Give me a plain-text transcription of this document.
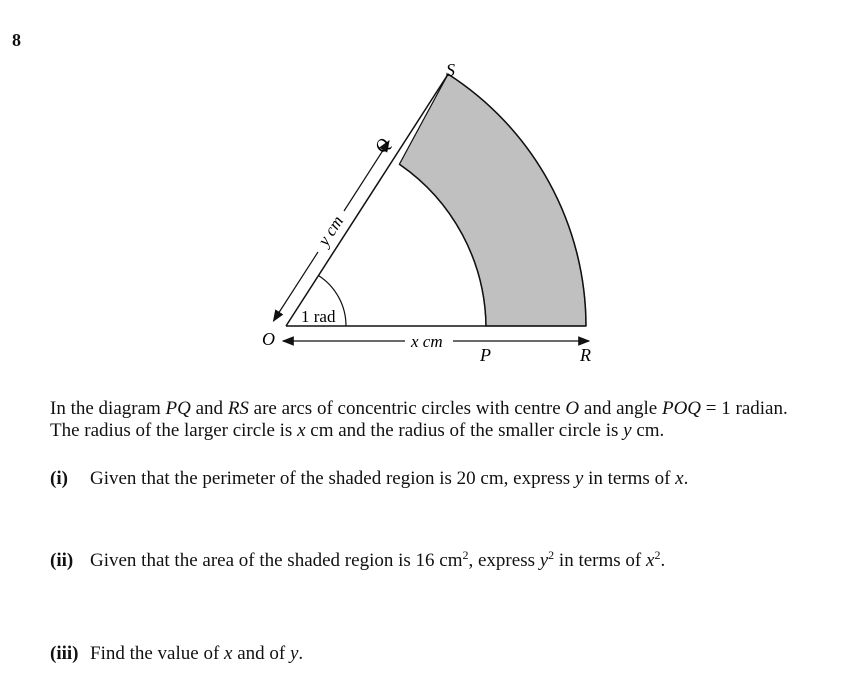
8
O
P	R
S
Q
1 rad
x cm
y cm
In the diagram PQ and RS are arcs of concentric circles with centre O and angle POQ = 1 radian.
The radius of the larger circle is x cm and the radius of the smaller circle is y cm.
(i) Given that the perimeter of the shaded region is 20 cm, express y in terms of x.
(ii) Given that the area of the shaded region is 16 $cm^2$, express $y^2$ in terms of $x^2$.
(iii) Find the value of x and of y.
